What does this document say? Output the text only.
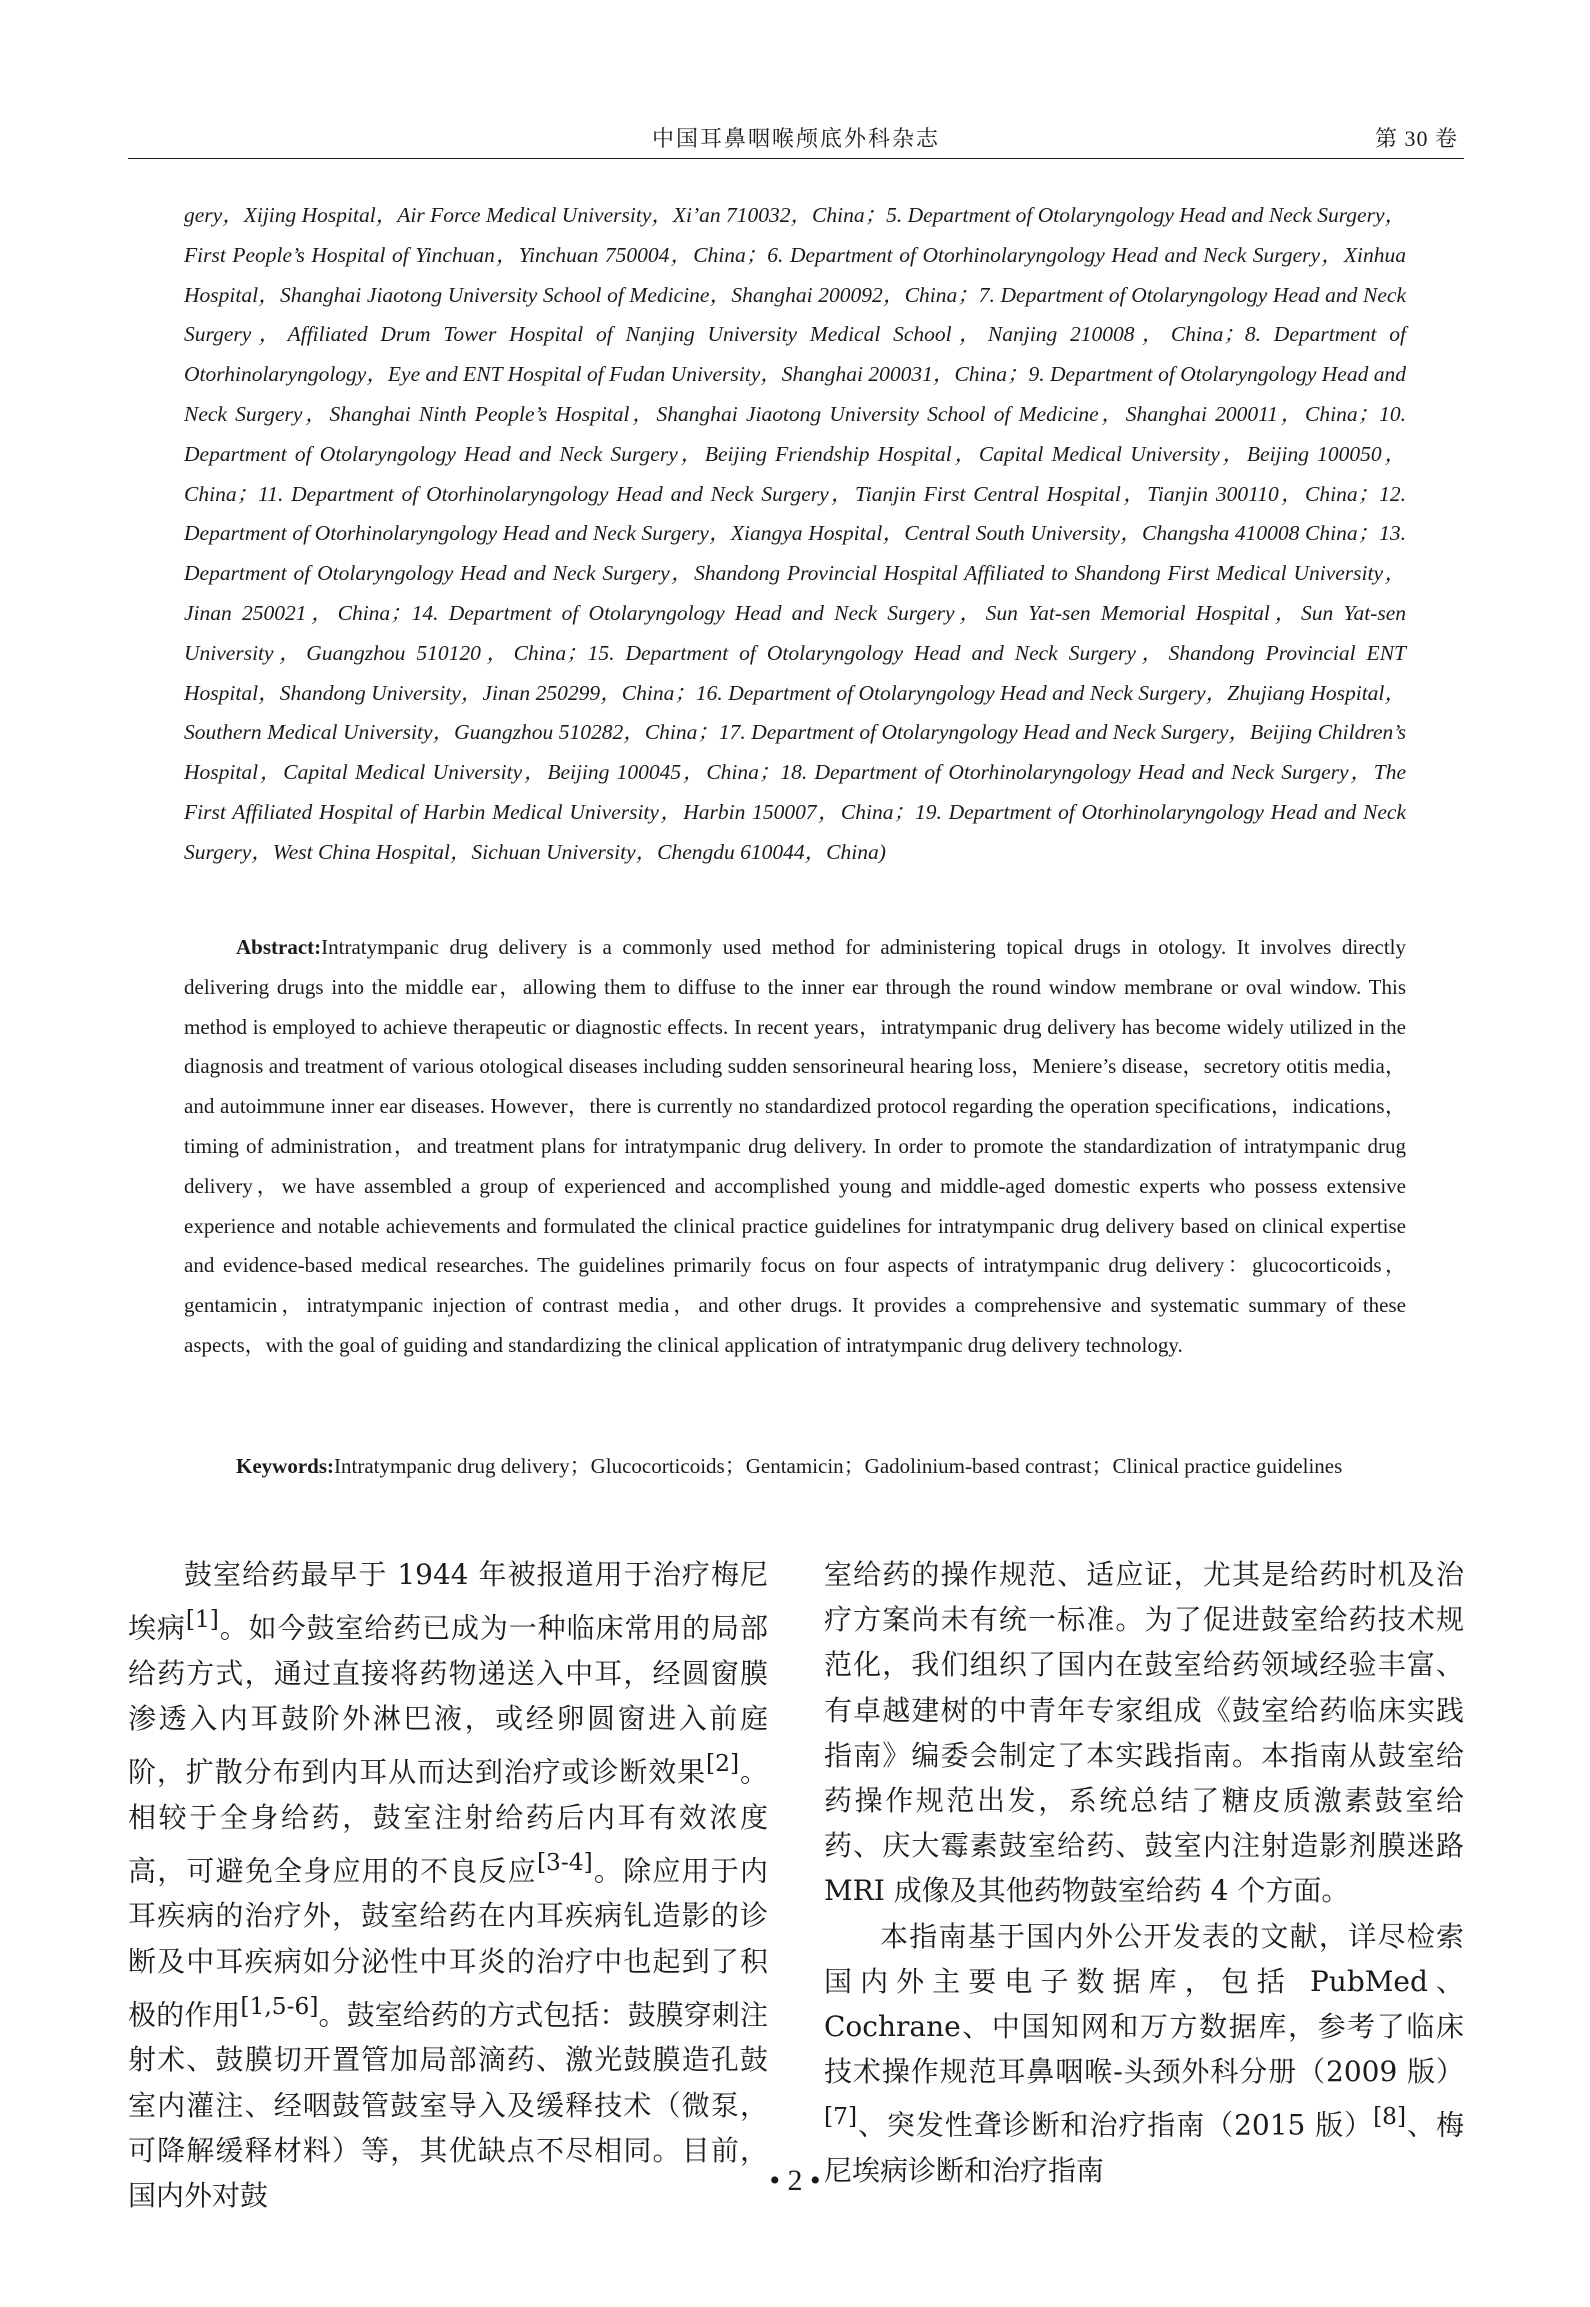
中国耳鼻咽喉颅底外科杂志	第 30 卷

gery，Xijing Hospital，Air Force Medical University，Xi’an 710032，China；5. Department of Otolaryngology Head and Neck Surgery，First People’s Hospital of Yinchuan，Yinchuan 750004，China；6. Department of Otorhinolaryngology Head and Neck Surgery，Xinhua Hospital，Shanghai Jiaotong University School of Medicine，Shanghai 200092，China；7. Department of Otolaryngology Head and Neck Surgery，Affiliated Drum Tower Hospital of Nanjing University Medical School，Nanjing 210008，China；8. Department of Otorhinolaryngology，Eye and ENT Hospital of Fudan University，Shanghai 200031，China；9. Department of Otolaryngology Head and Neck Surgery，Shanghai Ninth People’s Hospital，Shanghai Jiaotong University School of Medicine，Shanghai 200011，China；10. Department of Otolaryngology Head and Neck Surgery，Beijing Friendship Hospital，Capital Medical University，Beijing 100050，China；11. Department of Otorhinolaryngology Head and Neck Surgery，Tianjin First Central Hospital，Tianjin 300110，China；12. Department of Otorhinolaryngology Head and Neck Surgery，Xiangya Hospital，Central South University，Changsha 410008 China；13. Department of Otolaryngology Head and Neck Surgery，Shandong Provincial Hospital Affiliated to Shandong First Medical University，Jinan 250021，China；14. Department of Otolaryngology Head and Neck Surgery，Sun Yat-sen Memorial Hospital，Sun Yat-sen University，Guangzhou 510120，China；15. Department of Otolaryngology Head and Neck Surgery，Shandong Provincial ENT Hospital，Shandong University，Jinan 250299，China；16. Department of Otolaryngology Head and Neck Surgery，Zhujiang Hospital，Southern Medical University，Guangzhou 510282，China；17. Department of Otolaryngology Head and Neck Surgery，Beijing Children’s Hospital，Capital Medical University，Beijing 100045，China；18. Department of Otorhinolaryngology Head and Neck Surgery，The First Affiliated Hospital of Harbin Medical University，Harbin 150007，China；19. Department of Otorhinolaryngology Head and Neck Surgery，West China Hospital，Sichuan University，Chengdu 610044，China)

Abstract:Intratympanic drug delivery is a commonly used method for administering topical drugs in otology. It involves directly delivering drugs into the middle ear，allowing them to diffuse to the inner ear through the round window membrane or oval window. This method is employed to achieve therapeutic or diagnostic effects. In recent years，intratympanic drug delivery has become widely utilized in the diagnosis and treatment of various otological diseases including sudden sensorineural hearing loss，Meniere’s disease，secretory otitis media，and autoimmune inner ear diseases. However，there is currently no standardized protocol regarding the operation specifications，indications，timing of administration，and treatment plans for intratympanic drug delivery. In order to promote the standardization of intratympanic drug delivery，we have assembled a group of experienced and accomplished young and middle-aged domestic experts who possess extensive experience and notable achievements and formulated the clinical practice guidelines for intratympanic drug delivery based on clinical expertise and evidence-based medical researches. The guidelines primarily focus on four aspects of intratympanic drug delivery：glucocorticoids，gentamicin，intratympanic injection of contrast media，and other drugs. It provides a comprehensive and systematic summary of these aspects，with the goal of guiding and standardizing the clinical application of intratympanic drug delivery technology.

Keywords:Intratympanic drug delivery；Glucocorticoids；Gentamicin；Gadolinium-based contrast；Clinical practice guidelines

鼓室给药最早于 1944 年被报道用于治疗梅尼埃病[1]。如今鼓室给药已成为一种临床常用的局部给药方式，通过直接将药物递送入中耳，经圆窗膜渗透入内耳鼓阶外淋巴液，或经卵圆窗进入前庭阶，扩散分布到内耳从而达到治疗或诊断效果[2]。相较于全身给药，鼓室注射给药后内耳有效浓度高，可避免全身应用的不良反应[3-4]。除应用于内耳疾病的治疗外，鼓室给药在内耳疾病钆造影的诊断及中耳疾病如分泌性中耳炎的治疗中也起到了积极的作用[1,5-6]。鼓室给药的方式包括：鼓膜穿刺注射术、鼓膜切开置管加局部滴药、激光鼓膜造孔鼓室内灌注、经咽鼓管鼓室导入及缓释技术（微泵，可降解缓释材料）等，其优缺点不尽相同。目前，国内外对鼓

室给药的操作规范、适应证，尤其是给药时机及治疗方案尚未有统一标准。为了促进鼓室给药技术规范化，我们组织了国内在鼓室给药领域经验丰富、有卓越建树的中青年专家组成《鼓室给药临床实践指南》编委会制定了本实践指南。本指南从鼓室给药操作规范出发，系统总结了糖皮质激素鼓室给药、庆大霉素鼓室给药、鼓室内注射造影剂膜迷路 MRI 成像及其他药物鼓室给药 4 个方面。

本指南基于国内外公开发表的文献，详尽检索国内外主要电子数据库，包括 PubMed、Cochrane、中国知网和万方数据库，参考了临床技术操作规范耳鼻咽喉-头颈外科分册（2009 版）[7]、突发性聋诊断和治疗指南（2015 版）[8]、梅尼埃病诊断和治疗指南

• 2 •
